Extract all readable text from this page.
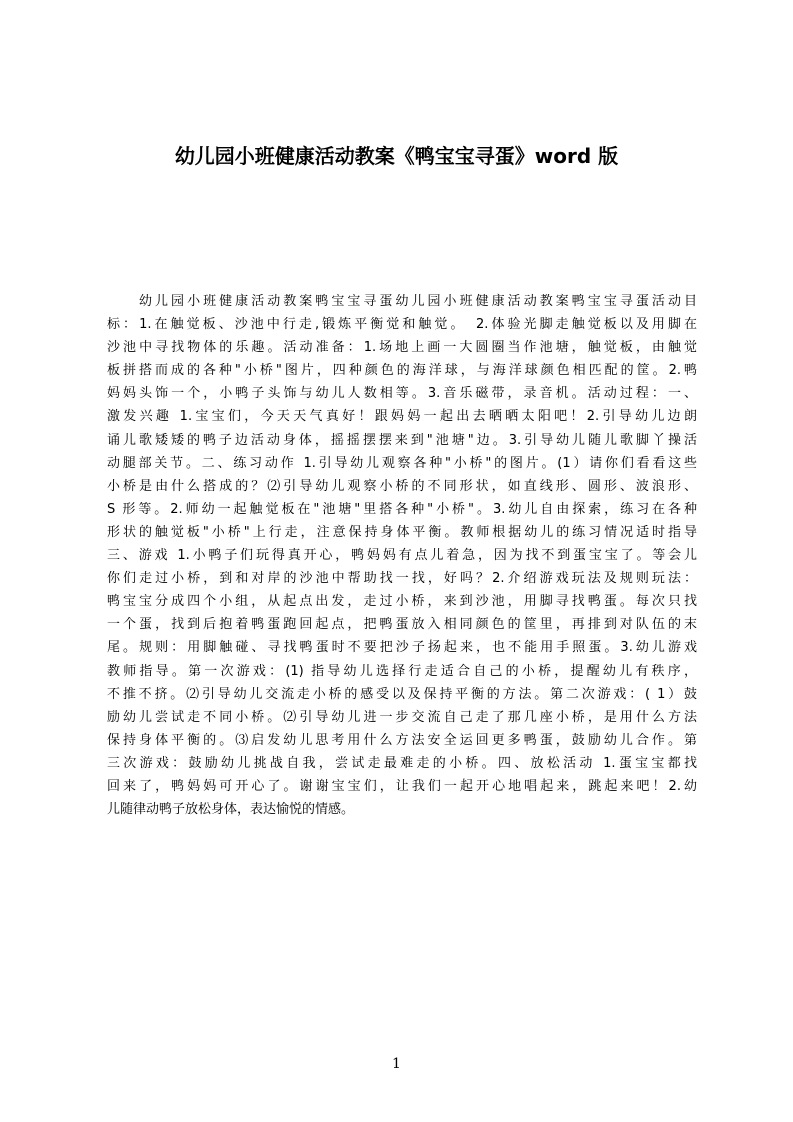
幼儿园小班健康活动教案《鸭宝宝寻蛋》word 版
幼儿园小班健康活动教案鸭宝宝寻蛋幼儿园小班健康活动教案鸭宝宝寻蛋活动目
标：1.在触觉板、沙池中行走,锻炼平衡觉和触觉。　2.体验光脚走触觉板以及用脚在
沙池中寻找物体的乐趣。活动准备：1.场地上画一大圆圈当作池塘，触觉板，由触觉
板拼搭而成的各种"小桥"图片，四种颜色的海洋球，与海洋球颜色相匹配的筐。2.鸭
妈妈头饰一个，小鸭子头饰与幼儿人数相等。3.音乐磁带，录音机。活动过程：一、
激发兴趣 1.宝宝们，今天天气真好！跟妈妈一起出去晒晒太阳吧！2.引导幼儿边朗
诵儿歌矮矮的鸭子边活动身体，摇摇摆摆来到"池塘"边。3.引导幼儿随儿歌脚丫操活
动腿部关节。二、练习动作 1.引导幼儿观察各种"小桥"的图片。(1）请你们看看这些
小桥是由什么搭成的？⑵引导幼儿观察小桥的不同形状，如直线形、圆形、波浪形、
S 形等。2.师幼一起触觉板在"池塘"里搭各种"小桥"。3.幼儿自由探索，练习在各种
形状的触觉板"小桥"上行走，注意保持身体平衡。教师根据幼儿的练习情况适时指导
三、游戏 1.小鸭子们玩得真开心，鸭妈妈有点儿着急，因为找不到蛋宝宝了。等会儿
你们走过小桥，到和对岸的沙池中帮助找一找，好吗？2.介绍游戏玩法及规则玩法：
鸭宝宝分成四个小组，从起点出发，走过小桥，来到沙池，用脚寻找鸭蛋。每次只找
一个蛋，找到后抱着鸭蛋跑回起点，把鸭蛋放入相同颜色的筐里，再排到对队伍的末
尾。规则：用脚触碰、寻找鸭蛋时不要把沙子扬起来，也不能用手照蛋。3.幼儿游戏
教师指导。第一次游戏：(1) 指导幼儿选择行走适合自己的小桥，提醒幼儿有秩序，
不推不挤。⑵引导幼儿交流走小桥的感受以及保持平衡的方法。第二次游戏：( 1）鼓
励幼儿尝试走不同小桥。⑵引导幼儿进一步交流自己走了那几座小桥，是用什么方法
保持身体平衡的。⑶启发幼儿思考用什么方法安全运回更多鸭蛋，鼓励幼儿合作。第
三次游戏：鼓励幼儿挑战自我，尝试走最难走的小桥。四、放松活动 1.蛋宝宝都找
回来了，鸭妈妈可开心了。谢谢宝宝们，让我们一起开心地唱起来，跳起来吧！2.幼
儿随律动鸭子放松身体，表达愉悦的情感。
1
